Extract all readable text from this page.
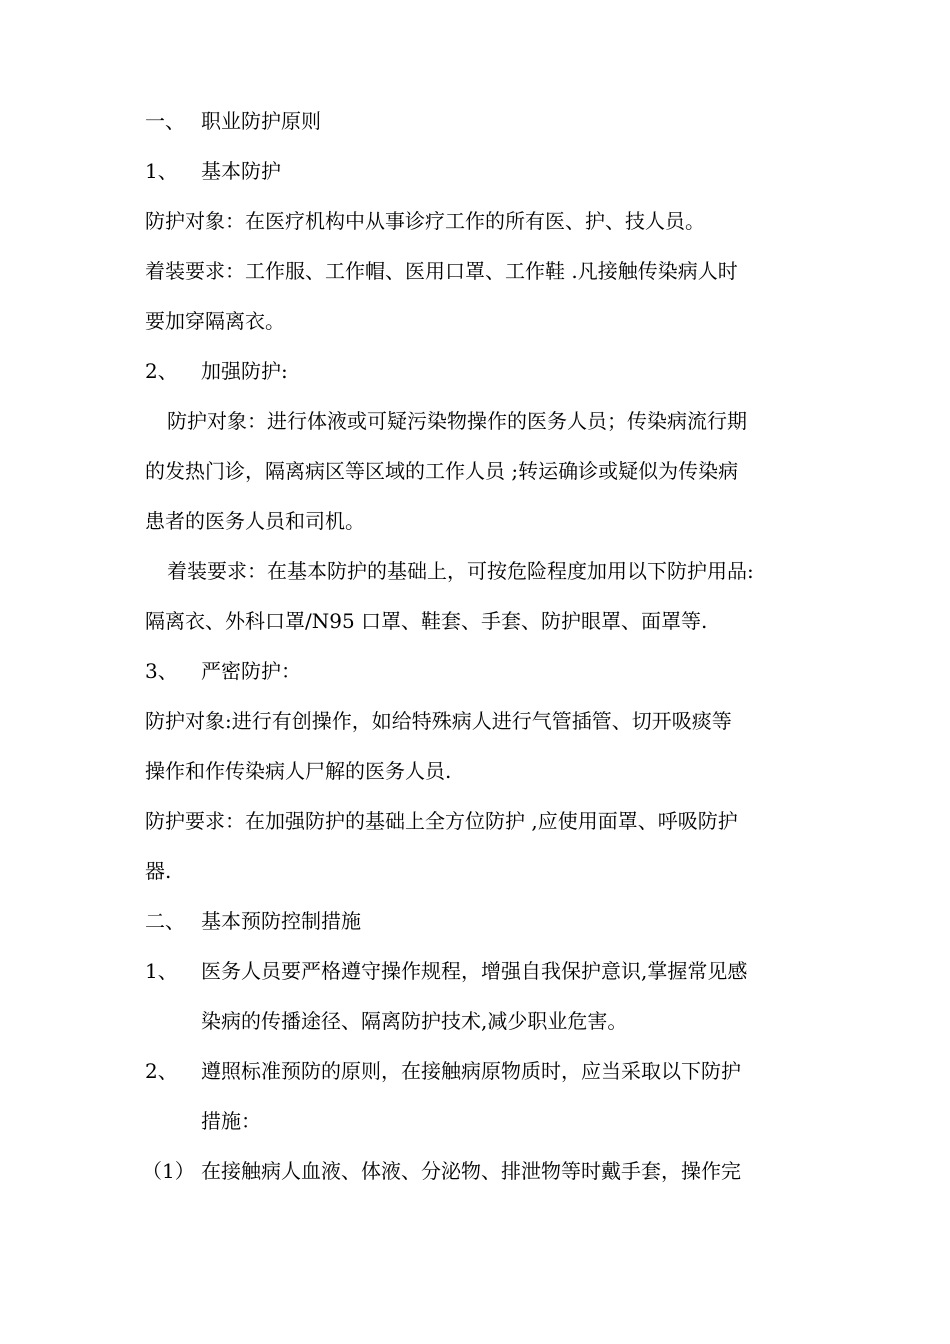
一、 职业防护原则
1、 基本防护
防护对象：在医疗机构中从事诊疗工作的所有医、护、技人员。
着装要求：工作服、工作帽、医用口罩、工作鞋 .凡接触传染病人时
要加穿隔离衣。
2、 加强防护:
防护对象：进行体液或可疑污染物操作的医务人员；传染病流行期
的发热门诊，隔离病区等区域的工作人员 ;转运确诊或疑似为传染病
患者的医务人员和司机。
着装要求：在基本防护的基础上，可按危险程度加用以下防护用品:
隔离衣、外科口罩/N95 口罩、鞋套、手套、防护眼罩、面罩等.
3、 严密防护：
防护对象:进行有创操作，如给特殊病人进行气管插管、切开吸痰等
操作和作传染病人尸解的医务人员.
防护要求：在加强防护的基础上全方位防护 ,应使用面罩、呼吸防护
器.
二、 基本预防控制措施
1、 医务人员要严格遵守操作规程，增强自我保护意识,掌握常见感
染病的传播途径、隔离防护技术,减少职业危害。
2、 遵照标准预防的原则，在接触病原物质时，应当采取以下防护
措施：
（1） 在接触病人血液、体液、分泌物、排泄物等时戴手套，操作完
